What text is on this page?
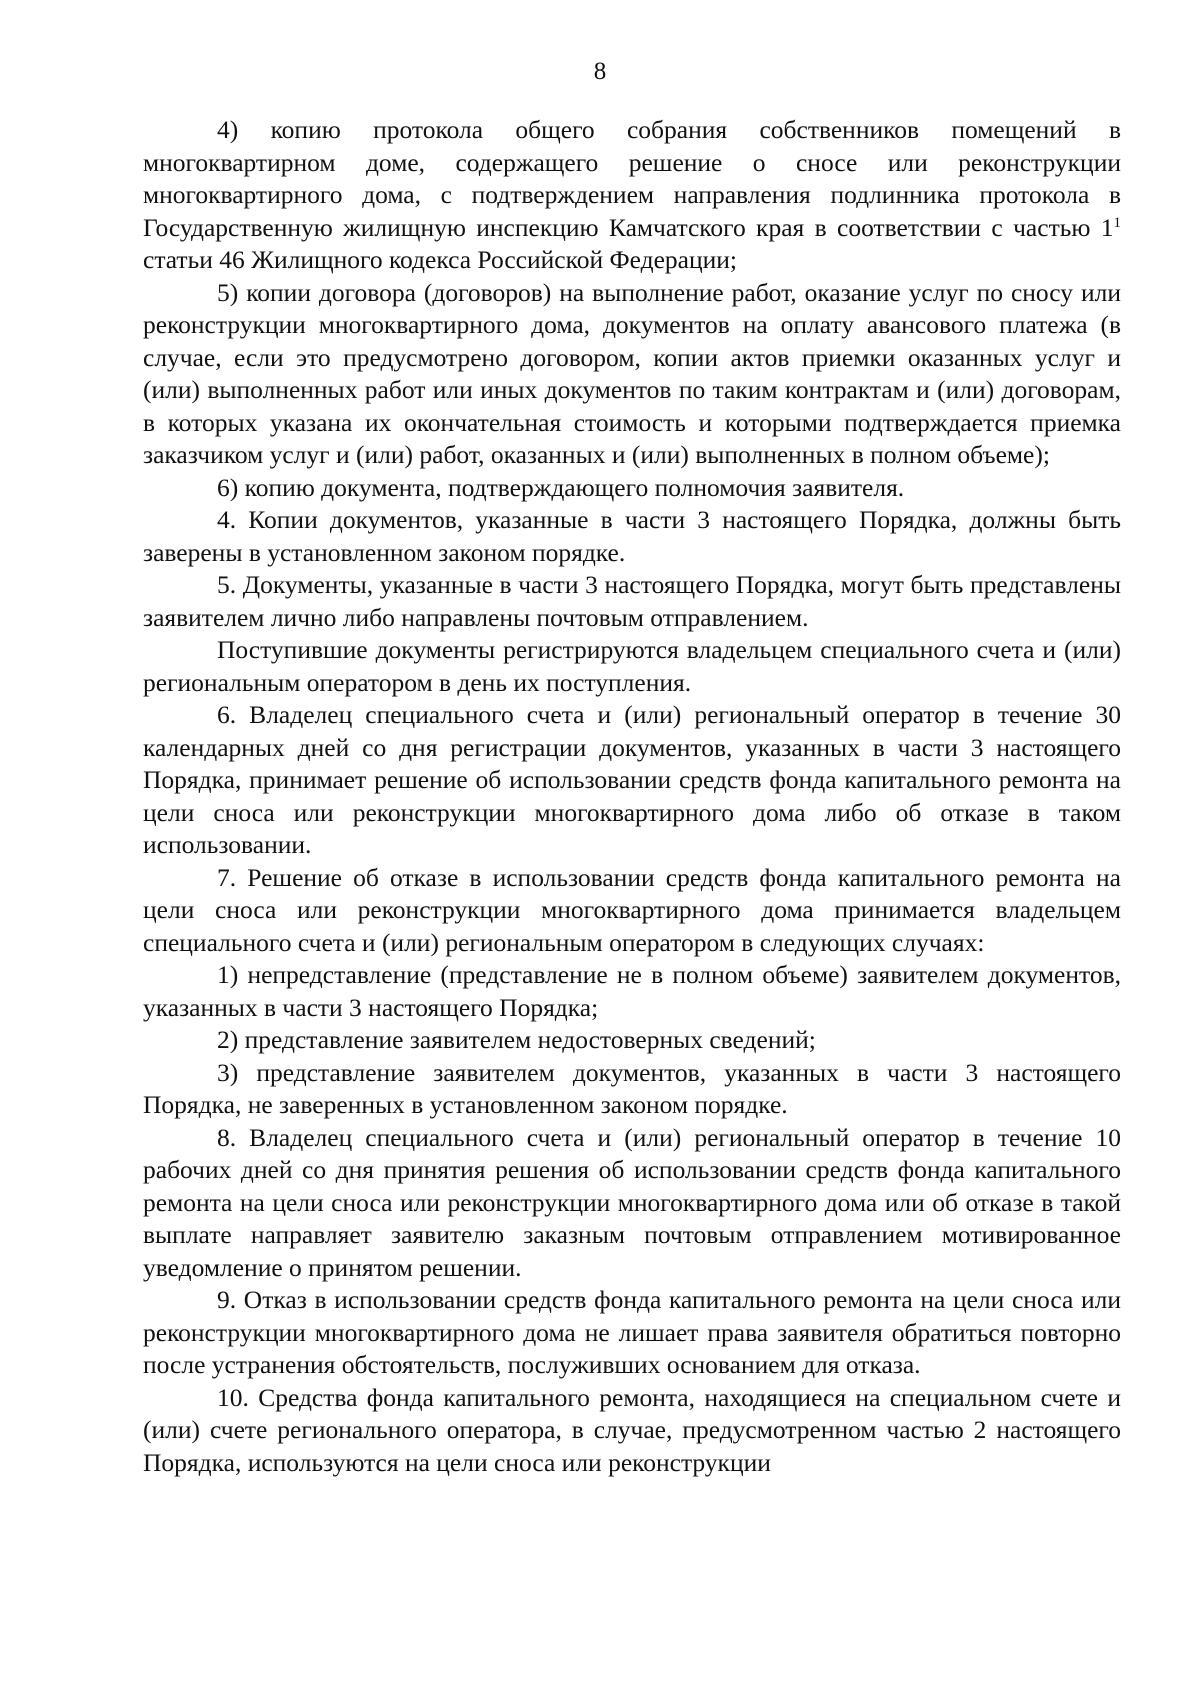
8

4) копию протокола общего собрания собственников помещений в многоквартирном доме, содержащего решение о сносе или реконструкции многоквартирного дома, с подтверждением направления подлинника протокола в Государственную жилищную инспекцию Камчатского края в соответствии с частью $1^1$ статьи 46 Жилищного кодекса Российской Федерации;

5) копии договора (договоров) на выполнение работ, оказание услуг по сносу или реконструкции многоквартирного дома, документов на оплату авансового платежа (в случае, если это предусмотрено договором, копии актов приемки оказанных услуг и (или) выполненных работ или иных документов по таким контрактам и (или) договорам, в которых указана их окончательная стоимость и которыми подтверждается приемка заказчиком услуг и (или) работ, оказанных и (или) выполненных в полном объеме);

6) копию документа, подтверждающего полномочия заявителя.

4. Копии документов, указанные в части 3 настоящего Порядка, должны быть заверены в установленном законом порядке.

5. Документы, указанные в части 3 настоящего Порядка, могут быть представлены заявителем лично либо направлены почтовым отправлением.

Поступившие документы регистрируются владельцем специального счета и (или) региональным оператором в день их поступления.

6. Владелец специального счета и (или) региональный оператор в течение 30 календарных дней со дня регистрации документов, указанных в части 3 настоящего Порядка, принимает решение об использовании средств фонда капитального ремонта на цели сноса или реконструкции многоквартирного дома либо об отказе в таком использовании.

7. Решение об отказе в использовании средств фонда капитального ремонта на цели сноса или реконструкции многоквартирного дома принимается владельцем специального счета и (или) региональным оператором в следующих случаях:

1) непредставление (представление не в полном объеме) заявителем документов, указанных в части 3 настоящего Порядка;

2) представление заявителем недостоверных сведений;

3) представление заявителем документов, указанных в части 3 настоящего Порядка, не заверенных в установленном законом порядке.

8. Владелец специального счета и (или) региональный оператор в течение 10 рабочих дней со дня принятия решения об использовании средств фонда капитального ремонта на цели сноса или реконструкции многоквартирного дома или об отказе в такой выплате направляет заявителю заказным почтовым отправлением мотивированное уведомление о принятом решении.

9. Отказ в использовании средств фонда капитального ремонта на цели сноса или реконструкции многоквартирного дома не лишает права заявителя обратиться повторно после устранения обстоятельств, послуживших основанием для отказа.

10. Средства фонда капитального ремонта, находящиеся на специальном счете и (или) счете регионального оператора, в случае, предусмотренном частью 2 настоящего Порядка, используются на цели сноса или реконструкции
